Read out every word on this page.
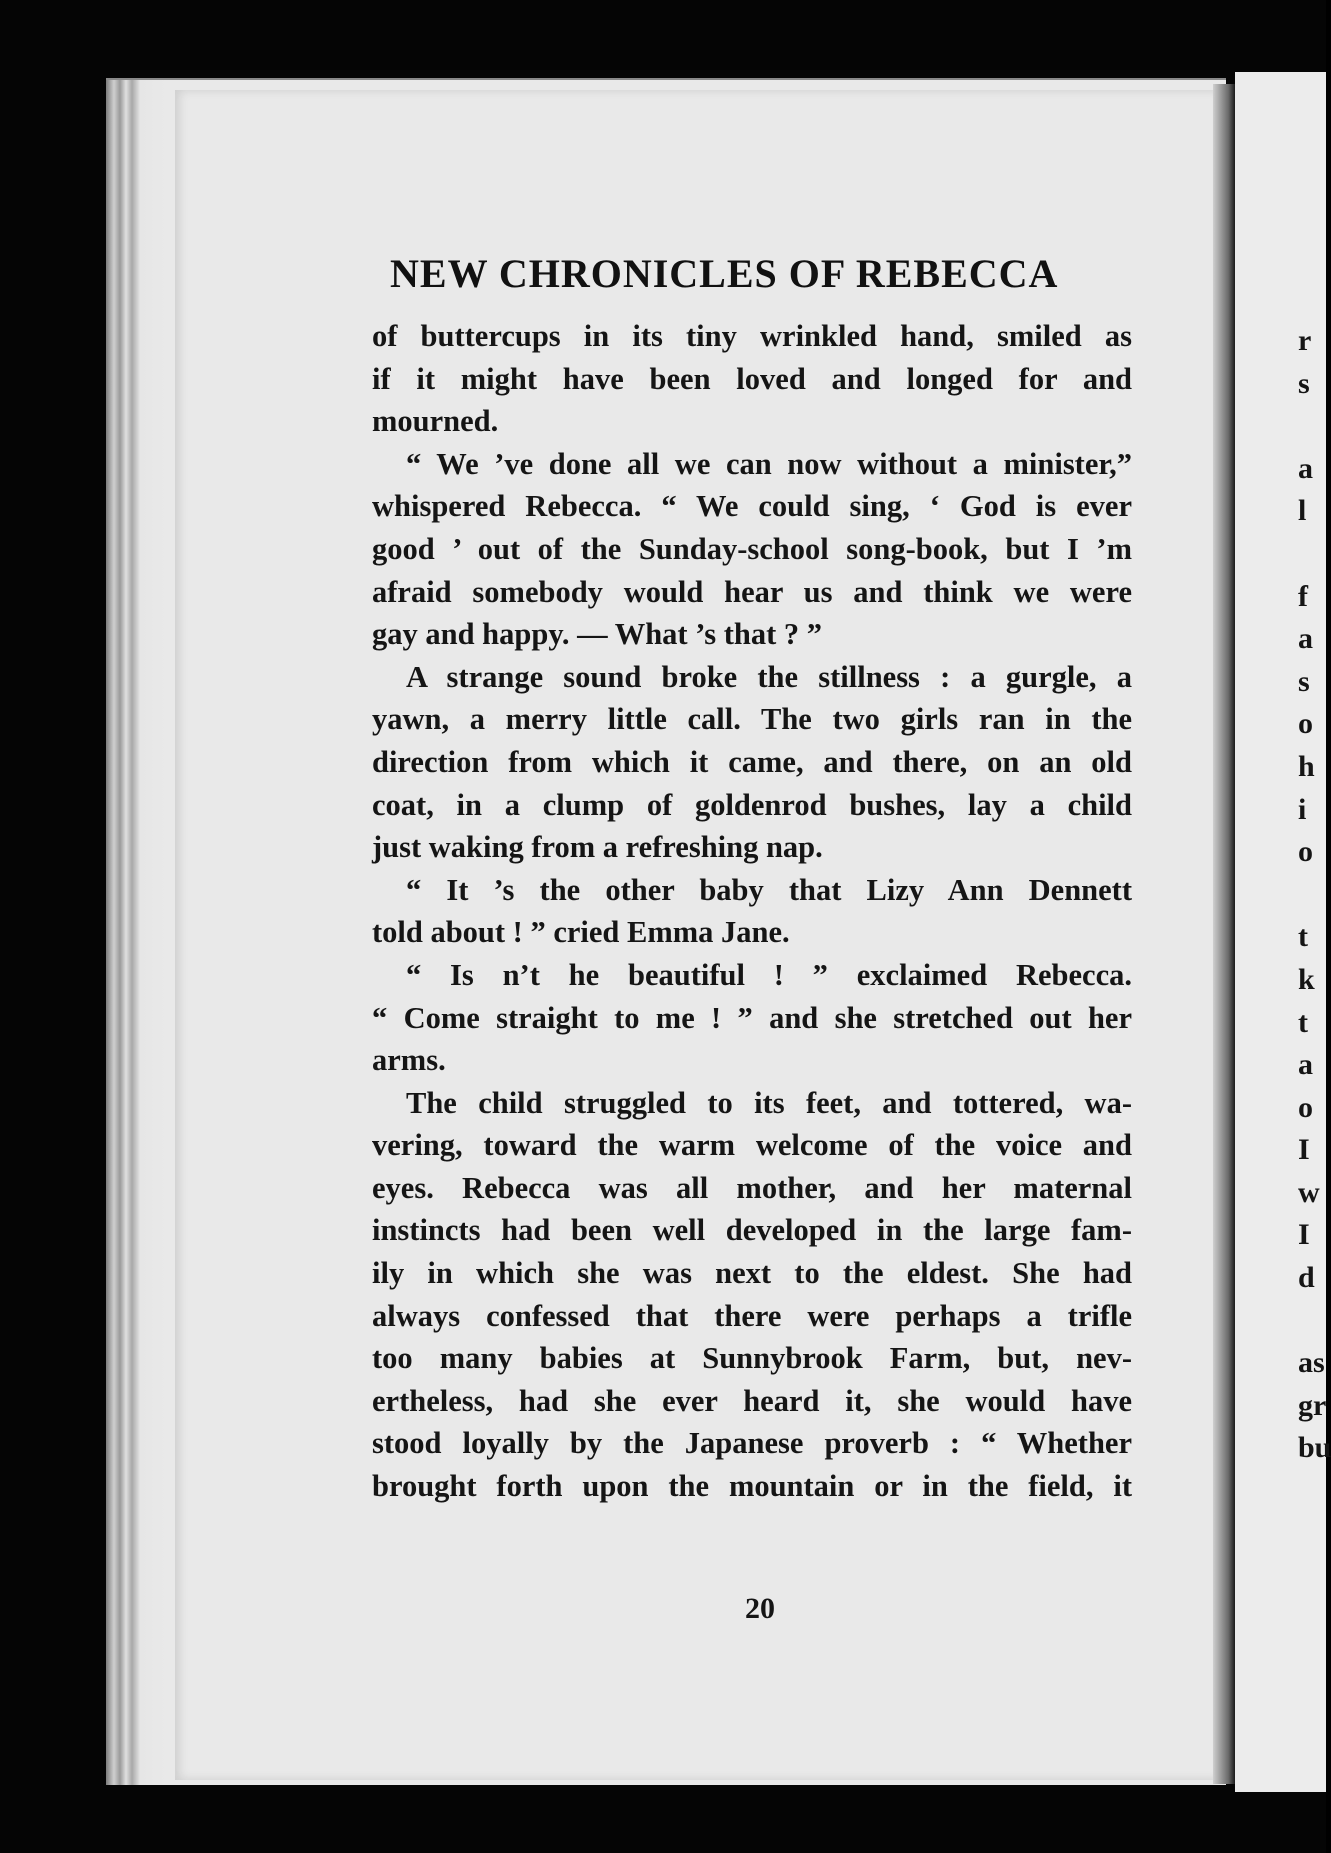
NEW CHRONICLES OF REBECCA
of buttercups in its tiny wrinkled hand, smiled as
if it might have been loved and longed for and
mourned.
“ We ’ve done all we can now without a minister,”
whispered Rebecca. “ We could sing, ‘ God is ever
good ’ out of the Sunday-school song-book, but I ’m
afraid somebody would hear us and think we were
gay and happy. — What ’s that ? ”
A strange sound broke the stillness : a gurgle, a
yawn, a merry little call. The two girls ran in the
direction from which it came, and there, on an old
coat, in a clump of goldenrod bushes, lay a child
just waking from a refreshing nap.
“ It ’s the other baby that Lizy Ann Dennett
told about ! ” cried Emma Jane.
“ Is n’t he beautiful ! ” exclaimed Rebecca.
“ Come straight to me ! ” and she stretched out her
arms.
The child struggled to its feet, and tottered, wa-
vering, toward the warm welcome of the voice and
eyes. Rebecca was all mother, and her maternal
instincts had been well developed in the large fam-
ily in which she was next to the eldest. She had
always confessed that there were perhaps a trifle
too many babies at Sunnybrook Farm, but, nev-
ertheless, had she ever heard it, she would have
stood loyally by the Japanese proverb : “ Whether
brought forth upon the mountain or in the field, it
20
r
s
a
l
f
a
s
o
h
i
o
t
k
t
a
o
I
w
I
d
as
gr
bu
